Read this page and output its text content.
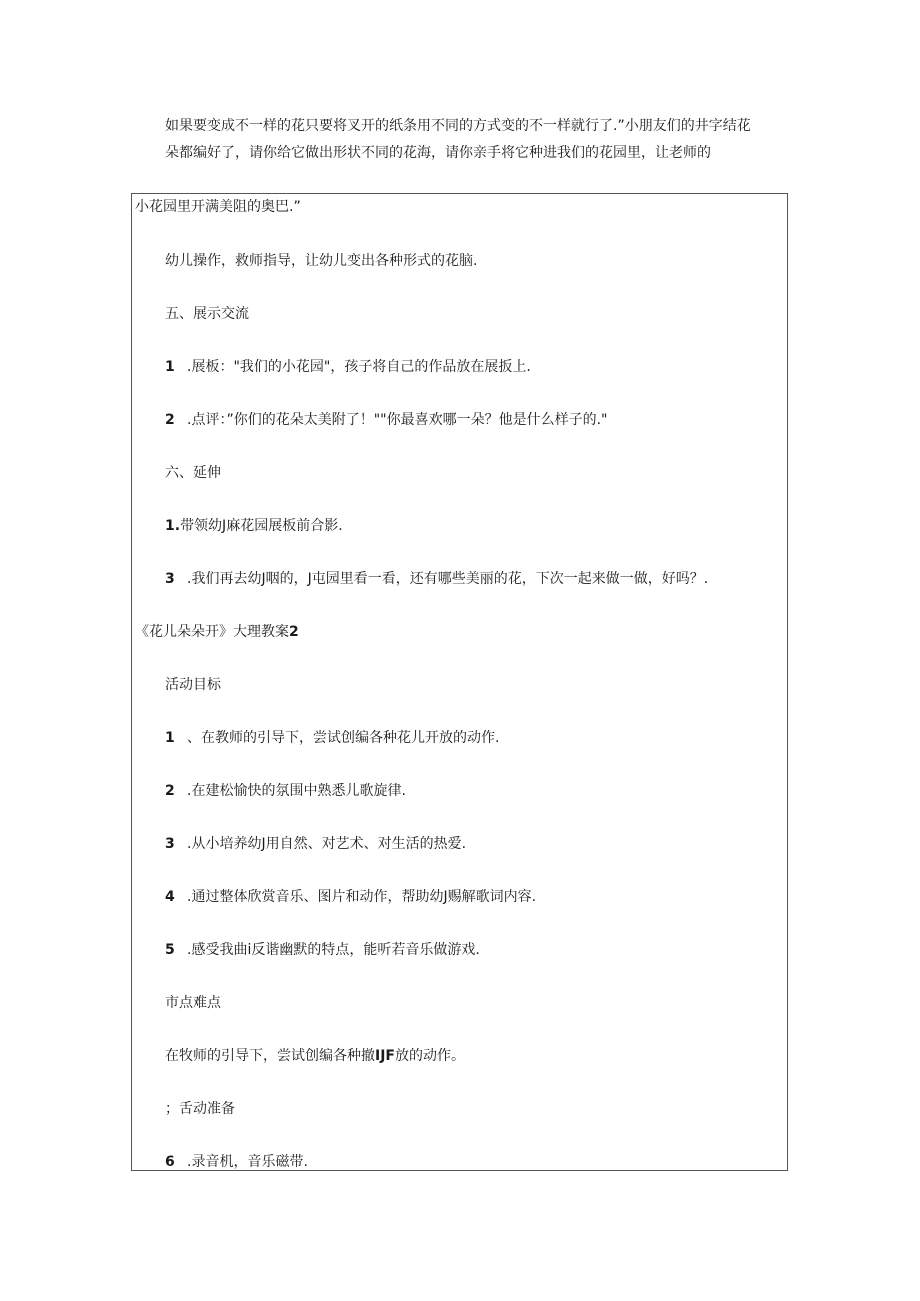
如果要变成不一样的花只要将叉开的纸条用不同的方式变的不一样就行了.”小朋友们的井字结花

朵都编好了，请你给它做出形状不同的花海，请你亲手将它种进我们的花园里，让老师的

小花园里开满美阻的奥巴.”
幼儿操作，救师指导，让幼儿变出各种形式的花脑.
五、展示交流
1 .展板："我们的小花园"，孩子将自己的作品放在展扳上.
2 .点评：”你们的花朵太美附了！""你最喜欢哪一朵？他是什么样子的."
六、延伸
1.带领幼J麻花园展板前合影.
3 .我们再去幼J咽的，J屯园里看一看，还有哪些美丽的花，下次一起来做一做，好吗？.
《花儿朵朵开》大理教案2
活动目标
1 、在教师的引导下，尝试创编各种花儿开放的动作.
2 .在建松愉快的氛围中熟悉儿歌旋律.
3 .从小培养幼J用自然、对艺术、对生活的热爱.
4 .通过整体欣赏音乐、图片和动作，帮助幼J赐解歌词内容.
5 .感受我曲i反谐幽默的特点，能听若音乐做游戏.
市点难点
在牧师的引导下，尝试创编各种撤IJF放的动作。
；舌动准备
6 .录音机，音乐磁带.
